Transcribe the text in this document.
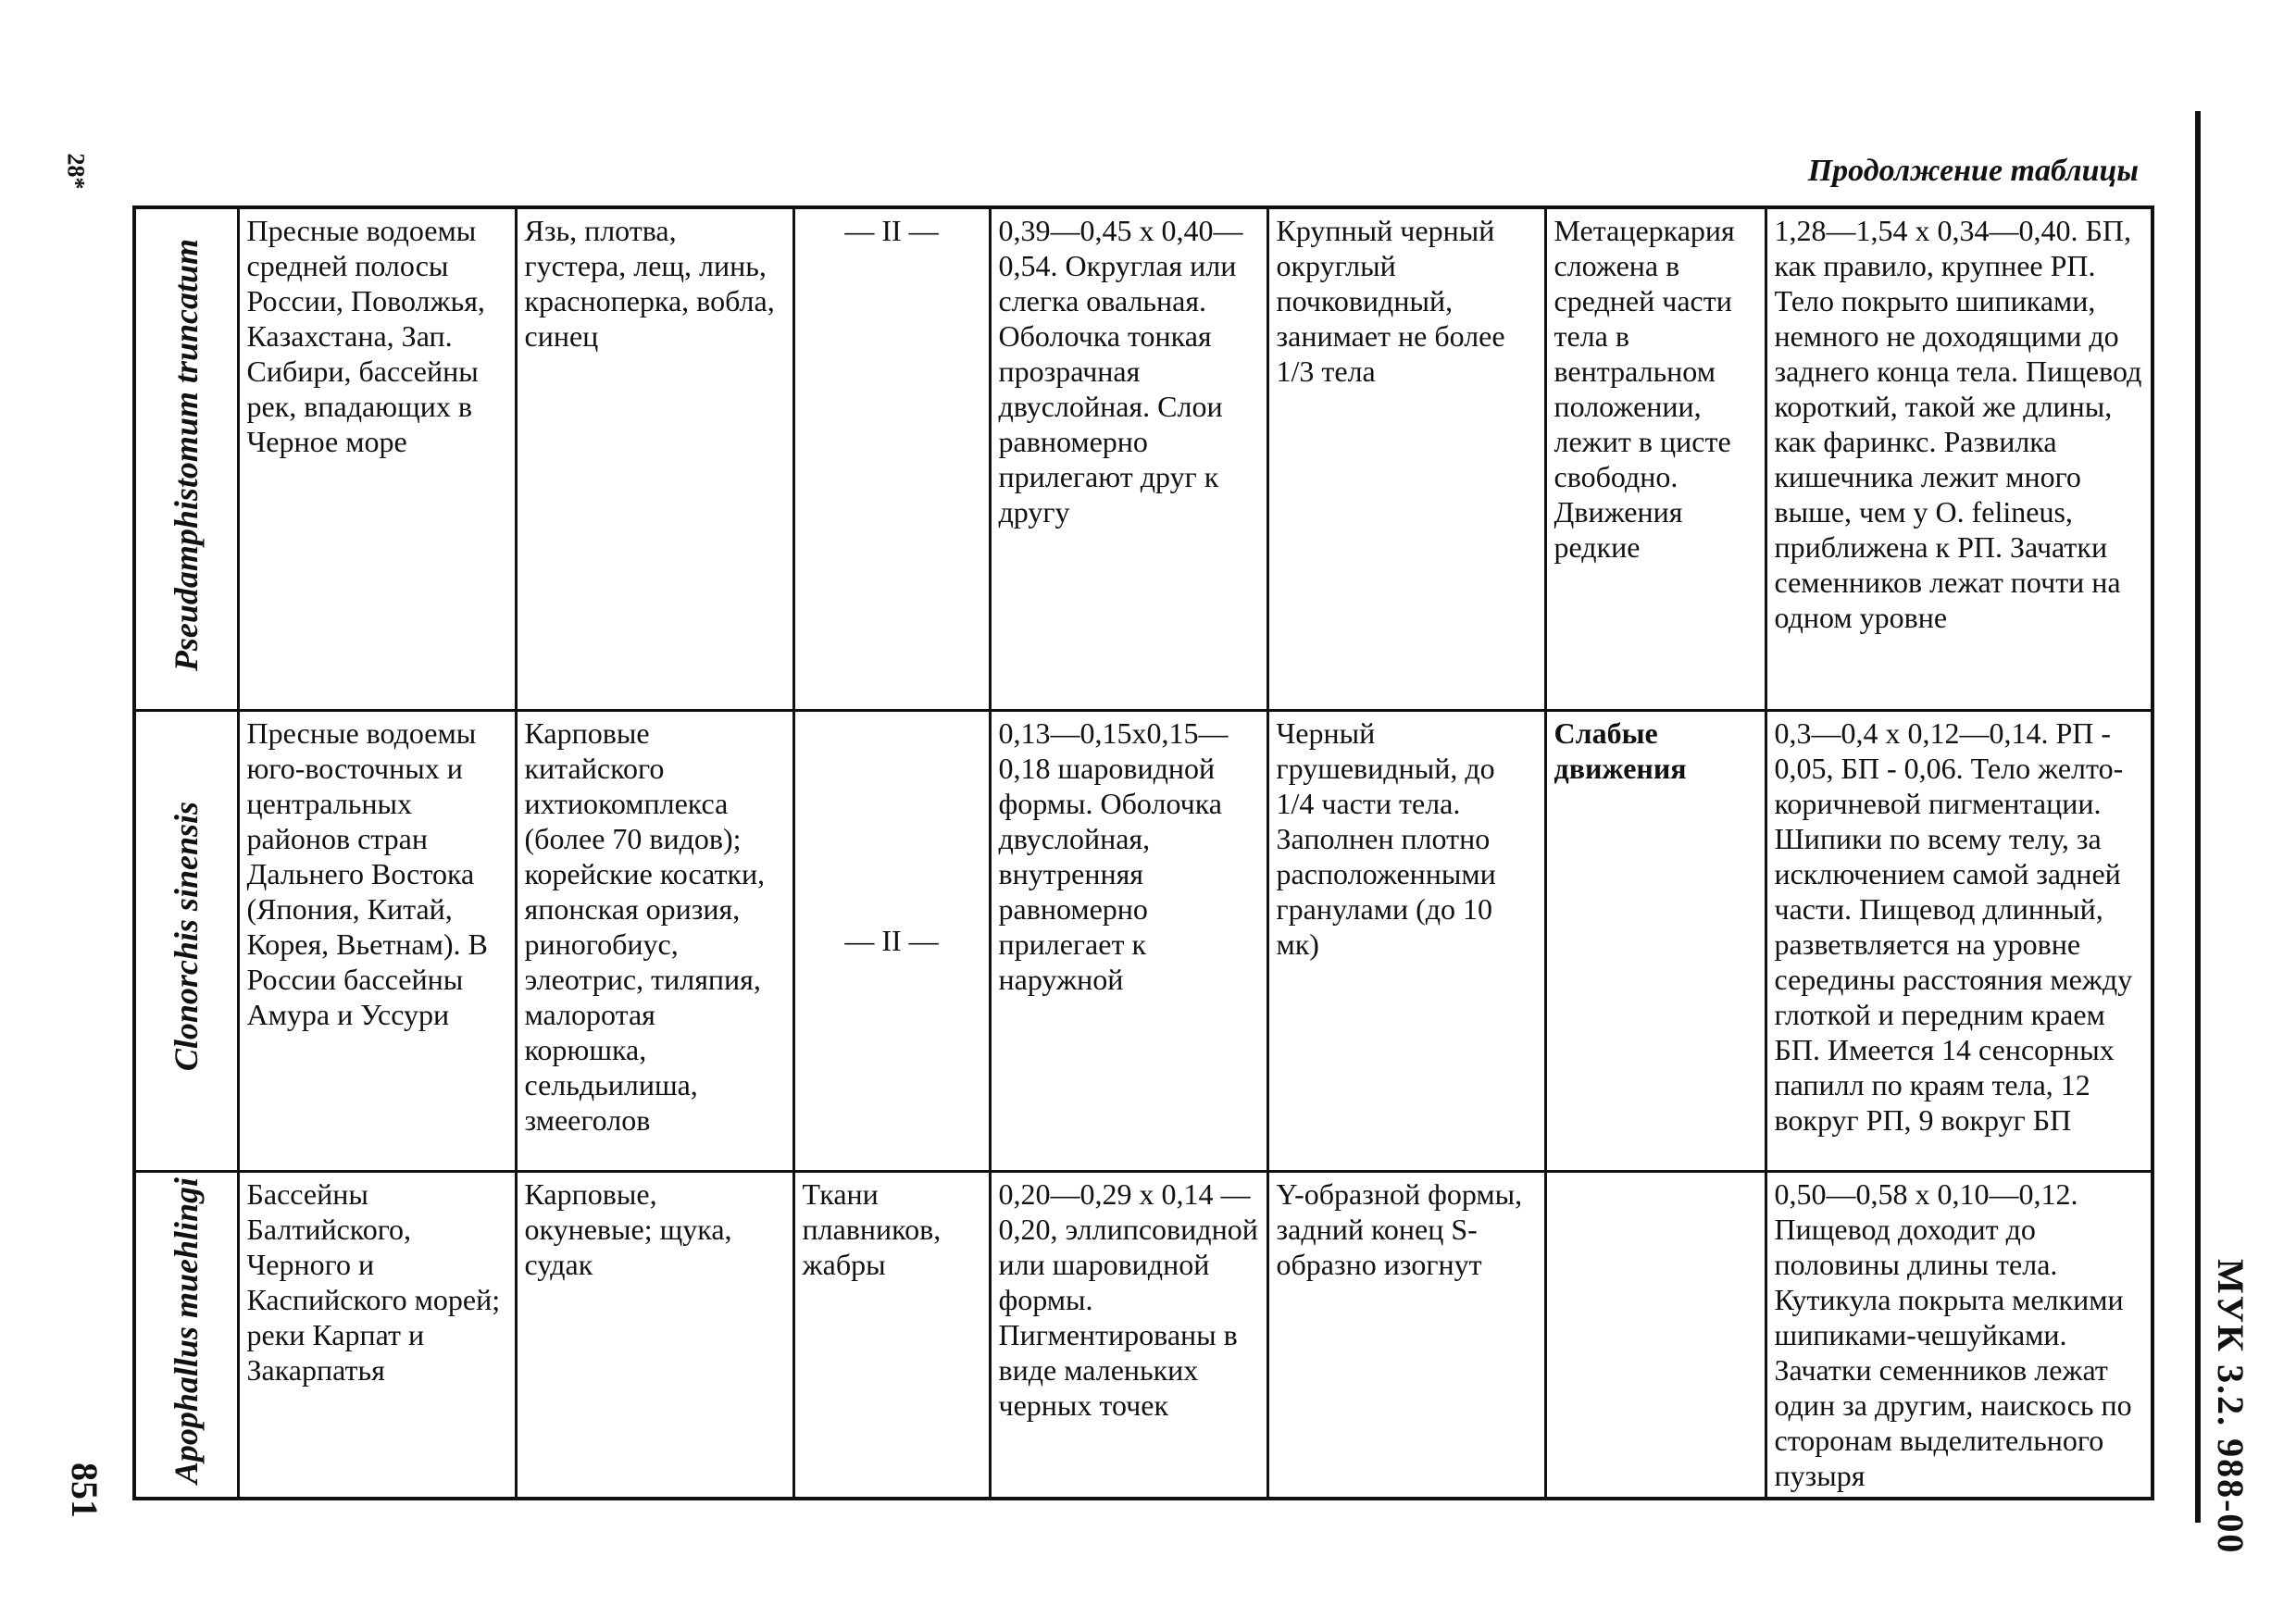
28*	Продолжение таблицы
МУК 3.2. 988-00
851
Pseudamphistomum truncatum	Пресные водоемы средней полосы России, Поволжья, Казахстана, Зап. Сибири, бассейны рек, впадающих в Черное море	Язь, плотва, густера, лещ, линь, красноперка, вобла, синец	— II —	0,39—0,45 х 0,40— 0,54. Округлая или слегка овальная. Оболочка тонкая прозрачная двуслойная. Слои равномерно прилегают друг к другу	Крупный черный округлый почковидный, занимает не более 1/3 тела	Метацеркария сложена в средней части тела в вентральном положении, лежит в цисте свободно. Движения редкие	1,28—1,54 х 0,34—0,40. БП, как правило, крупнее РП. Тело покрыто шипиками, немного не доходящими до заднего конца тела. Пищевод короткий, такой же длины, как фаринкс. Развилка кишечника лежит много выше, чем у O. felineus, приближена к РП. Зачатки семенников лежат почти на одном уровне
Clonorchis sinensis	Пресные водоемы юго-восточных и центральных районов стран Дальнего Востока (Япония, Китай, Корея, Вьетнам). В России бассейны Амура и Уссури	Карповые китайского ихтиокомплекса (более 70 видов); корейские косатки, японская оризия, риногобиус, элеотрис, тиляпия, малоротая корюшка, сельдьилиша, змееголов	— II —	0,13—0,15х0,15—0,18 шаровидной формы. Оболочка двуслойная, внутренняя равномерно прилегает к наружной	Черный грушевидный, до 1/4 части тела. Заполнен плотно расположенными гранулами (до 10 мк)	Слабые движения	0,3—0,4 х 0,12—0,14. РП - 0,05, БП - 0,06. Тело желто-коричневой пигментации. Шипики по всему телу, за исключением самой задней части. Пищевод длинный, разветвляется на уровне середины расстояния между глоткой и передним краем БП. Имеется 14 сенсорных папилл по краям тела, 12 вокруг РП, 9 вокруг БП
Apophallus muehlingi	Бассейны Балтийского, Черного и Каспийского морей; реки Карпат и Закарпатья	Карповые, окуневые; щука, судак	Ткани плавников, жабры	0,20—0,29 х 0,14 — 0,20, эллипсовидной или шаровидной формы. Пигментированы в виде маленьких черных точек	Y-образной формы, задний конец S-образно изогнут		0,50—0,58 х 0,10—0,12. Пищевод доходит до половины длины тела. Кутикула покрыта мелкими шипиками-чешуйками. Зачатки семенников лежат один за другим, наискось по сторонам выделительного пузыря
